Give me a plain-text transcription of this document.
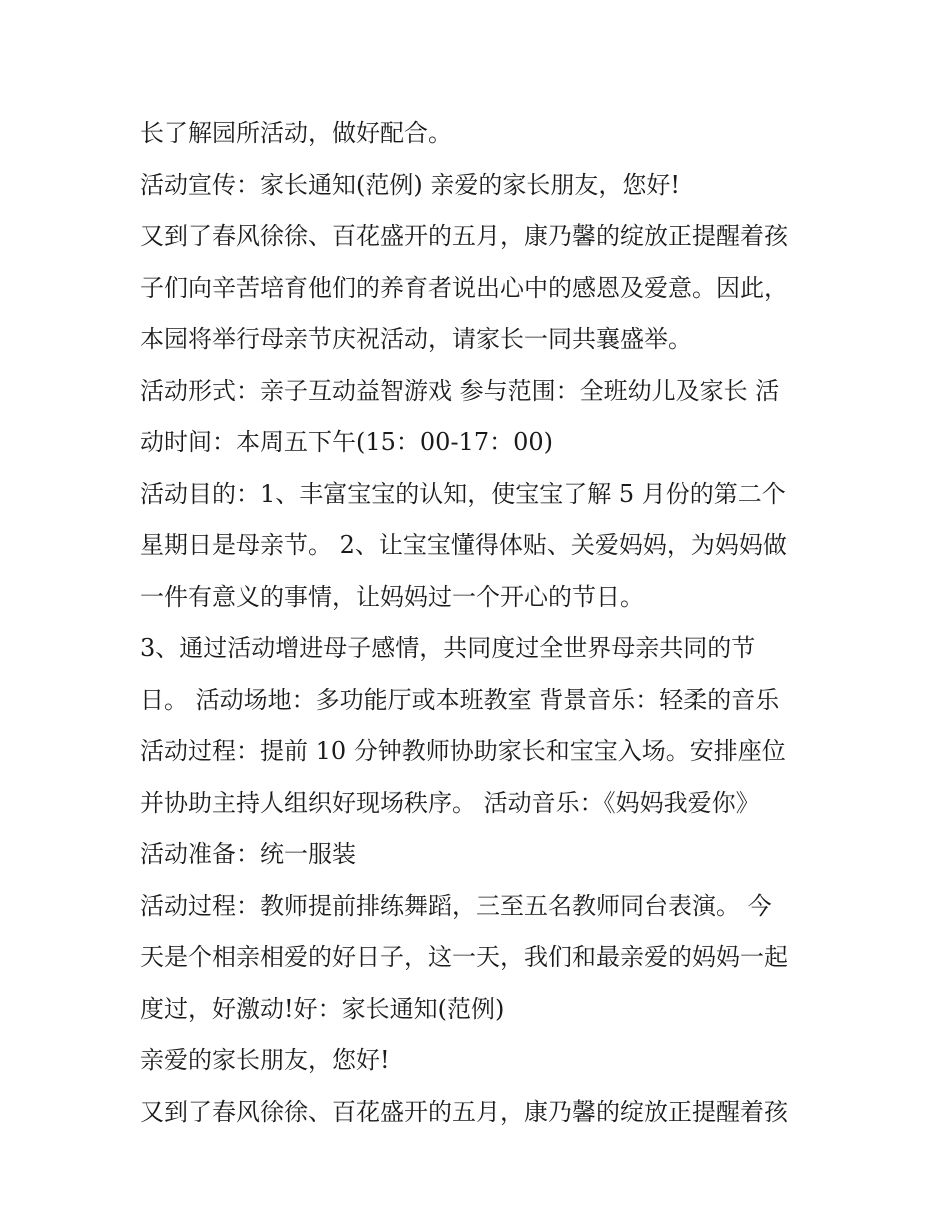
长了解园所活动，做好配合。
活动宣传：家长通知(范例) 亲爱的家长朋友，您好!
又到了春风徐徐、百花盛开的五月，康乃馨的绽放正提醒着孩
子们向辛苦培育他们的养育者说出心中的感恩及爱意。因此，
本园将举行母亲节庆祝活动，请家长一同共襄盛举。
活动形式：亲子互动益智游戏 参与范围：全班幼儿及家长 活
动时间：本周五下午(15：00-17：00)
活动目的：1、丰富宝宝的认知，使宝宝了解 5 月份的第二个
星期日是母亲节。 2、让宝宝懂得体贴、关爱妈妈，为妈妈做
一件有意义的事情，让妈妈过一个开心的节日。
3、通过活动增进母子感情，共同度过全世界母亲共同的节
日。 活动场地：多功能厅或本班教室 背景音乐：轻柔的音乐
活动过程：提前 10 分钟教师协助家长和宝宝入场。安排座位
并协助主持人组织好现场秩序。 活动音乐：《妈妈我爱你》
活动准备：统一服装
活动过程：教师提前排练舞蹈，三至五名教师同台表演。 今
天是个相亲相爱的好日子，这一天，我们和最亲爱的妈妈一起
度过，好激动!好：家长通知(范例)
亲爱的家长朋友，您好!
又到了春风徐徐、百花盛开的五月，康乃馨的绽放正提醒着孩
